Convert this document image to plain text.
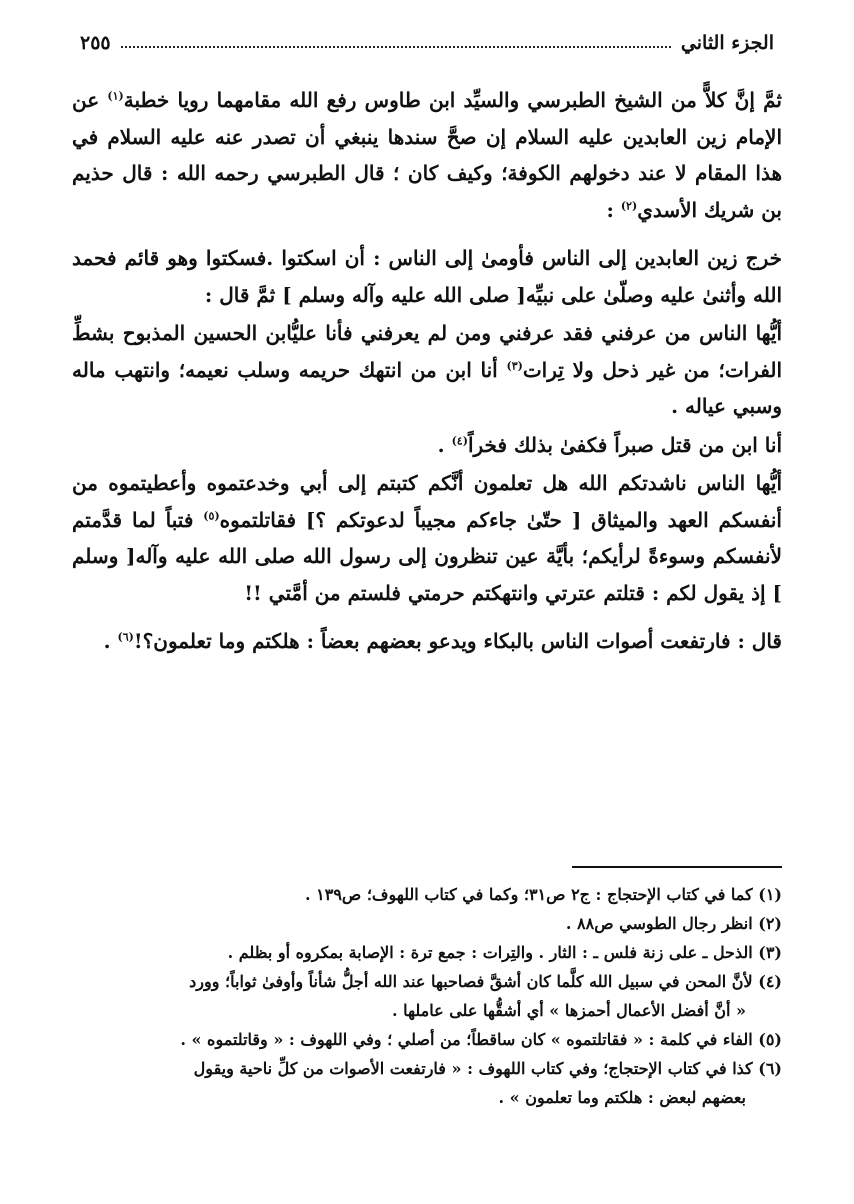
الجزء الثاني
٢٥٥

ثمَّ إنَّ كلاًّ من الشيخ الطبرسي والسيِّد ابن طاوس رفع الله مقامهما رويا خطبة$^{(١)}$ عن الإمام زين العابدين عليه السلام إن صحَّ سندها ينبغي أن تصدر عنه عليه السلام في هذا المقام لا عند دخولهم الكوفة؛ وكيف كان ؛ قال الطبرسي رحمه الله : قال حذيم بن شريك الأسدي$^{(٢)}$ :

خرج زين العابدين إلى الناس فأومىٰ إلى الناس : أن اسكتوا .فسكتوا وهو قائم فحمد الله وأثنىٰ عليه وصلّىٰ على نبيِّه[ صلى الله عليه وآله وسلم ] ثمَّ قال :

أيُّها الناس من عرفني فقد عرفني ومن لم يعرفني فأنا عليُّابن الحسين المذبوح بشطِّ الفرات؛ من غير ذحل ولا تِرات$^{(٣)}$ أنا ابن من انتهك حريمه وسلب نعيمه؛ وانتهب ماله وسبي عياله .

أنا ابن من قتل صبراً فكفىٰ بذلك فخراً$^{(٤)}$ .

أيُّها الناس ناشدتكم الله هل تعلمون أنَّكم كتبتم إلى أبي وخدعتموه وأعطيتموه من أنفسكم العهد والميثاق [ حتّىٰ جاءكم مجيباً لدعوتكم ؟] فقاتلتموه$^{(٥)}$ فتباً لما قدَّمتم لأنفسكم وسوءةً لرأيكم؛ بأيَّة عين تنظرون إلى رسول الله صلى الله عليه وآله[ وسلم ] إذ يقول لكم : قتلتم عترتي وانتهكتم حرمتي فلستم من أمَّتي !!

قال : فارتفعت أصوات الناس بالبكاء ويدعو بعضهم بعضاً : هلكتم وما تعلمون؟!$^{(٦)}$ .

(١) كما في كتاب الإحتجاج : ج٢ ص٣١؛ وكما في كتاب اللهوف؛ ص١٣٩ .
(٢) انظر رجال الطوسي ص٨٨ .
(٣) الذحل ـ على زنة فلس ـ : الثار . والتِرات : جمع ترة : الإصابة بمكروه أو بظلم .
(٤) لأنَّ المحن في سبيل الله كلَّما كان أشقَّ فصاحبها عند الله أجلُّ شأناً وأوفىٰ ثواباً؛ وورد
« أنَّ أفضل الأعمال أحمزها » أي أشقُّها على عاملها .
(٥) الفاء في كلمة : « فقاتلتموه » كان ساقطاً؛ من أصلي ؛ وفي اللهوف : « وقاتلتموه » .
(٦) كذا في كتاب الإحتجاج؛ وفي كتاب اللهوف : « فارتفعت الأصوات من كلِّ ناحية ويقول
بعضهم لبعض : هلكتم وما تعلمون » .
